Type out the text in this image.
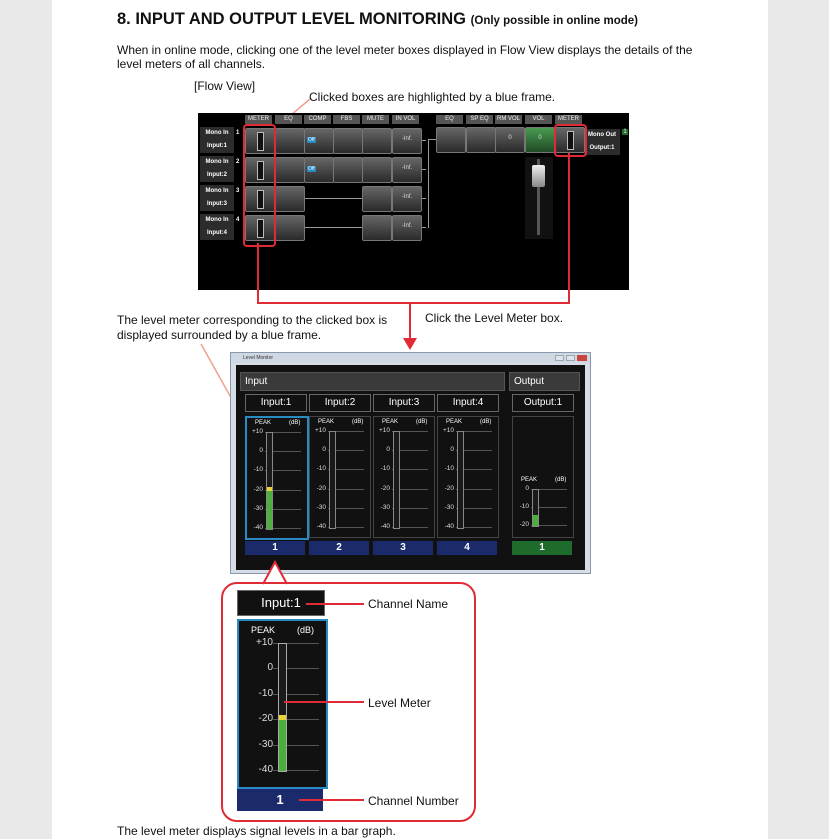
8. INPUT AND OUTPUT LEVEL MONITORING (Only possible in online mode)
When in online mode, clicking one of the level meter boxes displayed in Flow View displays the details of the level meters of all channels.
[Flow View]
Clicked boxes are highlighted by a blue frame.
Mono Out
Output:1
1
METER	EQ	COMP	FBS	MUTE	IN VOL	EQ	SP EQ	RM VOL	VOL	METER
Mono In
Input:1
1
Off	-Inf.
Mono In
Input:2
2
Off	-Inf.
Mono In
Input:3
3
-Inf.
Mono In
Input:4
4
-Inf.
0	0
The level meter corresponding to the clicked box is displayed surrounded by a blue frame.
Click the Level Meter box.
Level Monitor
Input	Output
Input:1
PEAK	(dB)
+10
0
-10
-20
-30
-40
1
Input:2
PEAK	(dB)
+10
0
-10
-20
-30
-40
2
Input:3
PEAK	(dB)
+10
0
-10
-20
-30
-40
3
Input:4
PEAK	(dB)
+10
0
-10
-20
-30
-40
4
Output:1
PEAK	(dB)
0
-10
-20
1
Input:1
PEAK (dB)
+10
0
-10
-20
-30
-40
1
Channel Name
Level Meter
Channel Number
The level meter displays signal levels in a bar graph.
